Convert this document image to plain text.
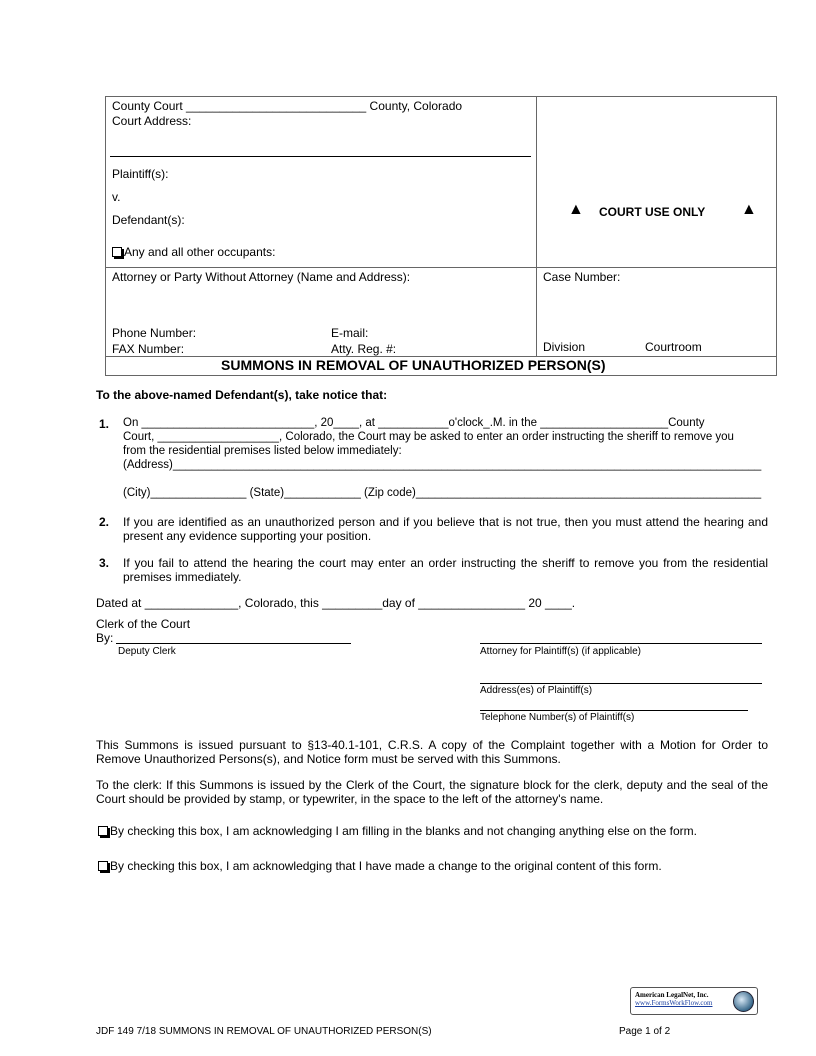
County Court ___________________________ County, Colorado
Court Address:
Plaintiff(s):
v.
Defendant(s):
Any and all other occupants:
▲ COURT USE ONLY ▲
Attorney or Party Without Attorney (Name and Address):
Phone Number:	E-mail:
FAX Number:	Atty. Reg. #:
Case Number:
Division	Courtroom
SUMMONS IN REMOVAL OF UNAUTHORIZED PERSON(S)
To the above-named Defendant(s), take notice that:
1. On ___________________________, 20____, at ___________o'clock_.M. in the ____________________County
Court, ___________________, Colorado, the Court may be asked to enter an order instructing the sheriff to remove you
from the residential premises listed below immediately:
(Address)____________________________________________________________________________________________
(City)_______________ (State)____________ (Zip code)______________________________________________________
2. If you are identified as an unauthorized person and if you believe that is not true, then you must attend the hearing and present any evidence supporting your position.
3. If you fail to attend the hearing the court may enter an order instructing the sheriff to remove you from the residential premises immediately.
Dated at ______________, Colorado, this _________day of ________________ 20 ____.
Clerk of the Court
By:
Deputy Clerk	Attorney for Plaintiff(s) (if applicable)
Address(es) of Plaintiff(s)
Telephone Number(s) of Plaintiff(s)
This Summons is issued pursuant to §13-40.1-101, C.R.S. A copy of the Complaint together with a Motion for Order to Remove Unauthorized Persons(s), and Notice form must be served with this Summons.
To the clerk: If this Summons is issued by the Clerk of the Court, the signature block for the clerk, deputy and the seal of the Court should be provided by stamp, or typewriter, in the space to the left of the attorney's name.
By checking this box, I am acknowledging I am filling in the blanks and not changing anything else on the form.
By checking this box, I am acknowledging that I have made a change to the original content of this form.
American LegalNet, Inc.
www.FormsWorkFlow.com
JDF 149 7/18 SUMMONS IN REMOVAL OF UNAUTHORIZED PERSON(S)	Page 1 of 2
